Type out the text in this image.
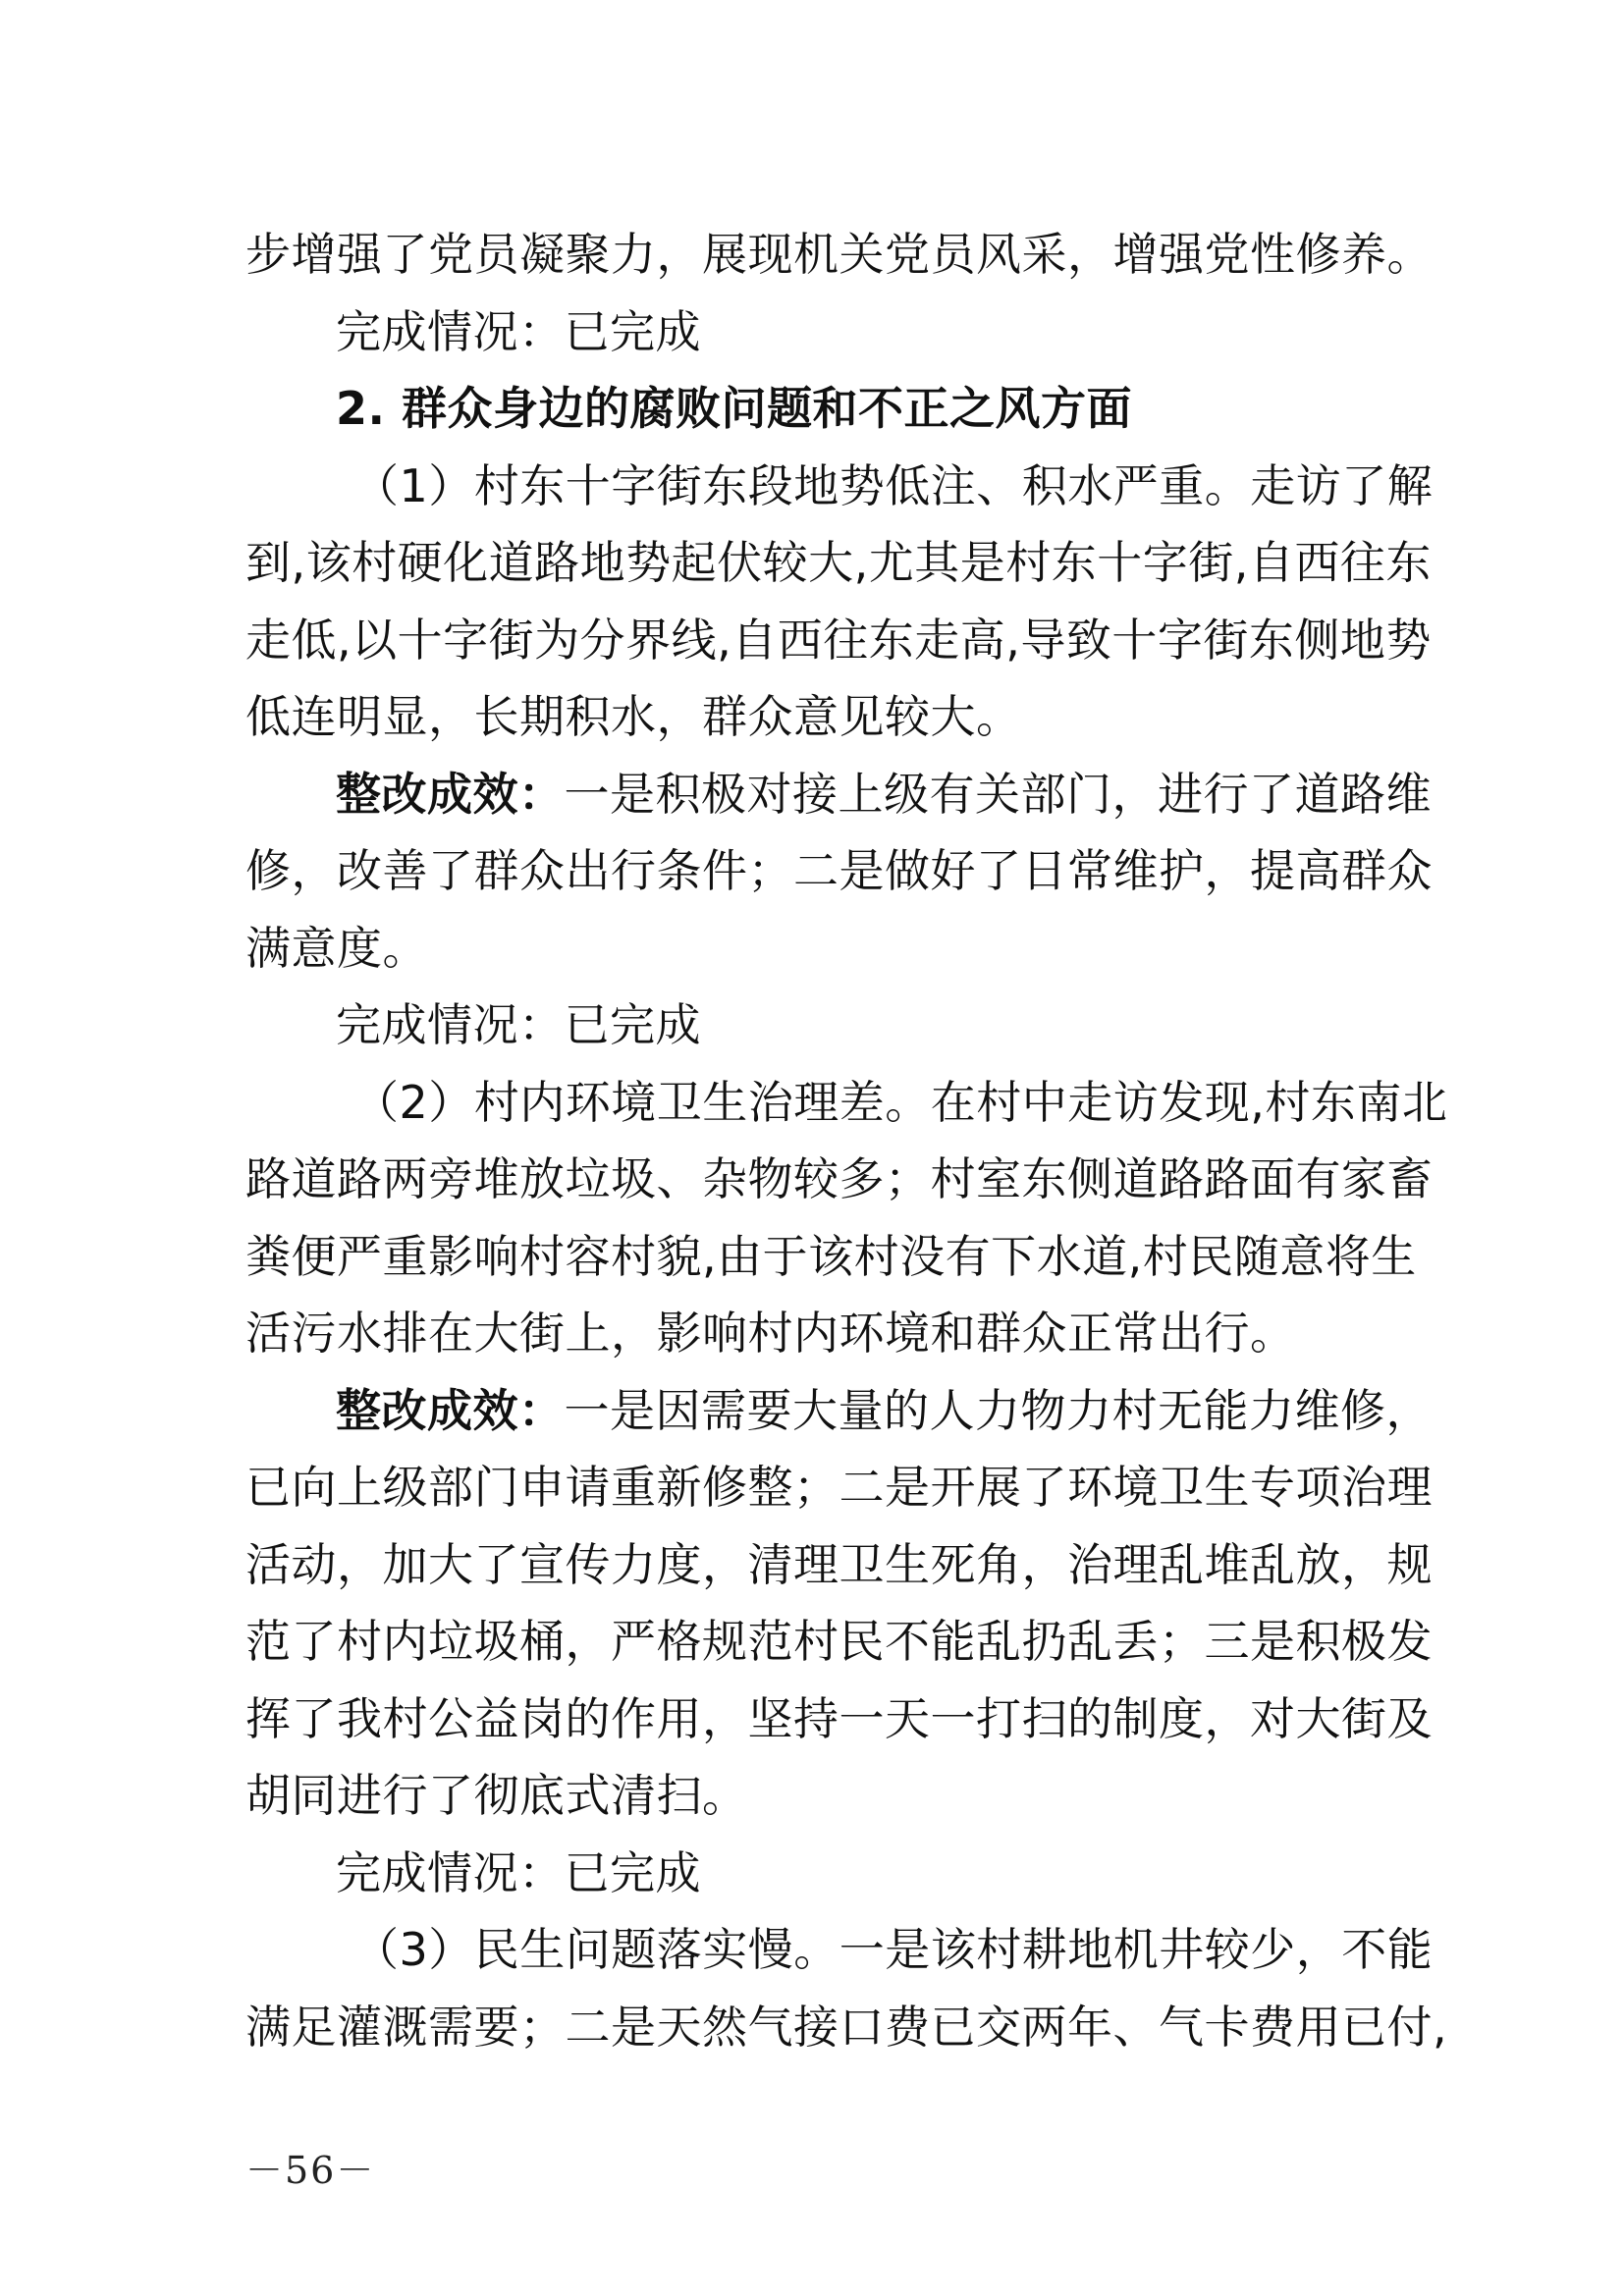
步增强了党员凝聚力，展现机关党员风采，增强党性修养。
完成情况：已完成
2. 群众身边的腐败问题和不正之风方面
（1）村东十字街东段地势低注、积水严重。走访了解
到,该村硬化道路地势起伏较大,尤其是村东十字街,自西往东
走低,以十字街为分界线,自西往东走高,导致十字街东侧地势
低连明显，长期积水，群众意见较大。
整改成效：一是积极对接上级有关部门，进行了道路维
修，改善了群众出行条件；二是做好了日常维护，提高群众
满意度。
完成情况：已完成
（2）村内环境卫生治理差。在村中走访发现,村东南北
路道路两旁堆放垃圾、杂物较多；村室东侧道路路面有家畜
粪便严重影响村容村貌,由于该村没有下水道,村民随意将生
活污水排在大街上，影响村内环境和群众正常出行。
整改成效：一是因需要大量的人力物力村无能力维修，
已向上级部门申请重新修整；二是开展了环境卫生专项治理
活动，加大了宣传力度，清理卫生死角，治理乱堆乱放，规
范了村内垃圾桶，严格规范村民不能乱扔乱丢；三是积极发
挥了我村公益岗的作用，坚持一天一打扫的制度，对大街及
胡同进行了彻底式清扫。
完成情况：已完成
（3）民生问题落实慢。一是该村耕地机井较少，不能
满足灌溉需要；二是天然气接口费已交两年、气卡费用已付,
－56－
